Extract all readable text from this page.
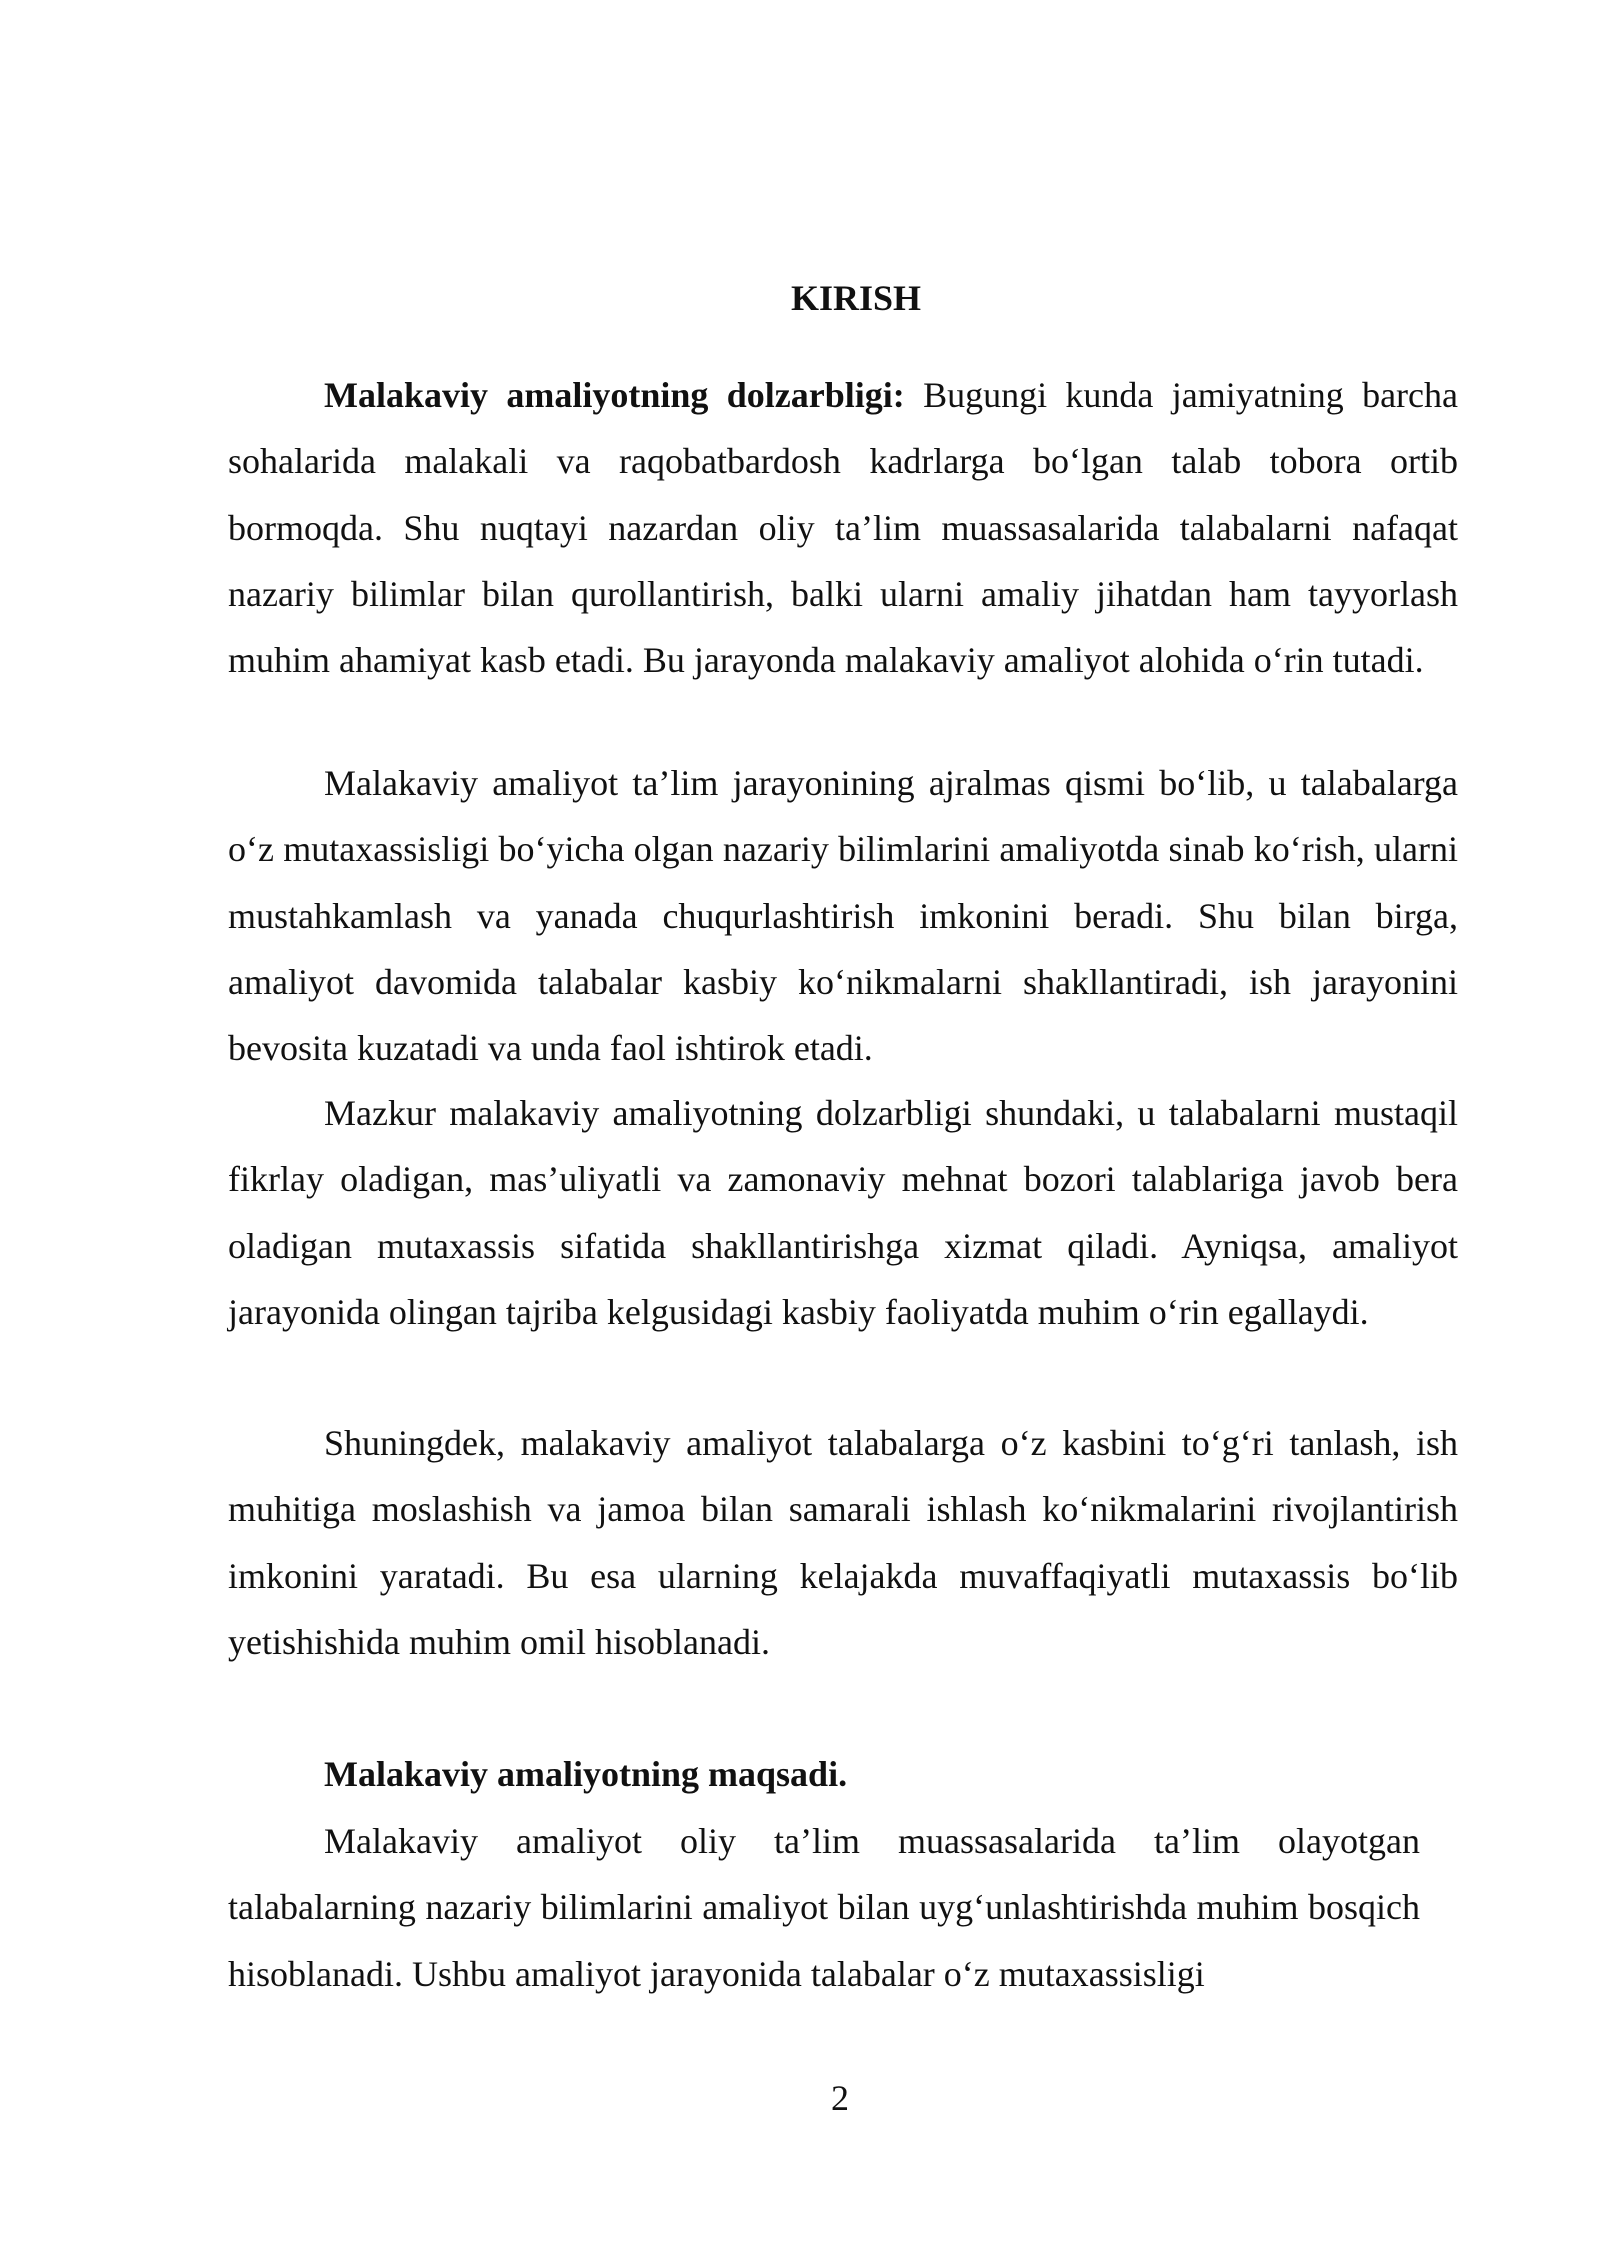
KIRISH

Malakaviy amaliyotning dolzarbligi: Bugungi kunda jamiyatning barcha sohalarida malakali va raqobatbardosh kadrlarga bo‘lgan talab tobora ortib bormoqda. Shu nuqtayi nazardan oliy ta’lim muassasalarida talabalarni nafaqat nazariy bilimlar bilan qurollantirish, balki ularni amaliy jihatdan ham tayyorlash muhim ahamiyat kasb etadi. Bu jarayonda malakaviy amaliyot alohida o‘rin tutadi.

Malakaviy amaliyot ta’lim jarayonining ajralmas qismi bo‘lib, u talabalarga o‘z mutaxassisligi bo‘yicha olgan nazariy bilimlarini amaliyotda sinab ko‘rish, ularni mustahkamlash va yanada chuqurlashtirish imkonini beradi. Shu bilan birga, amaliyot davomida talabalar kasbiy ko‘nikmalarni shakllantiradi, ish jarayonini bevosita kuzatadi va unda faol ishtirok etadi.

Mazkur malakaviy amaliyotning dolzarbligi shundaki, u talabalarni mustaqil fikrlay oladigan, mas’uliyatli va zamonaviy mehnat bozori talablariga javob bera oladigan mutaxassis sifatida shakllantirishga xizmat qiladi. Ayniqsa, amaliyot jarayonida olingan tajriba kelgusidagi kasbiy faoliyatda muhim o‘rin egallaydi.

Shuningdek, malakaviy amaliyot talabalarga o‘z kasbini to‘g‘ri tanlash, ish muhitiga moslashish va jamoa bilan samarali ishlash ko‘nikmalarini rivojlantirish imkonini yaratadi. Bu esa ularning kelajakda muvaffaqiyatli mutaxassis bo‘lib yetishishida muhim omil hisoblanadi.

Malakaviy amaliyotning maqsadi.

Malakaviy amaliyot oliy ta’lim muassasalarida ta’lim olayotgan talabalarning nazariy bilimlarini amaliyot bilan uyg‘unlashtirishda muhim bosqich hisoblanadi. Ushbu amaliyot jarayonida talabalar o‘z mutaxassisligi

2
